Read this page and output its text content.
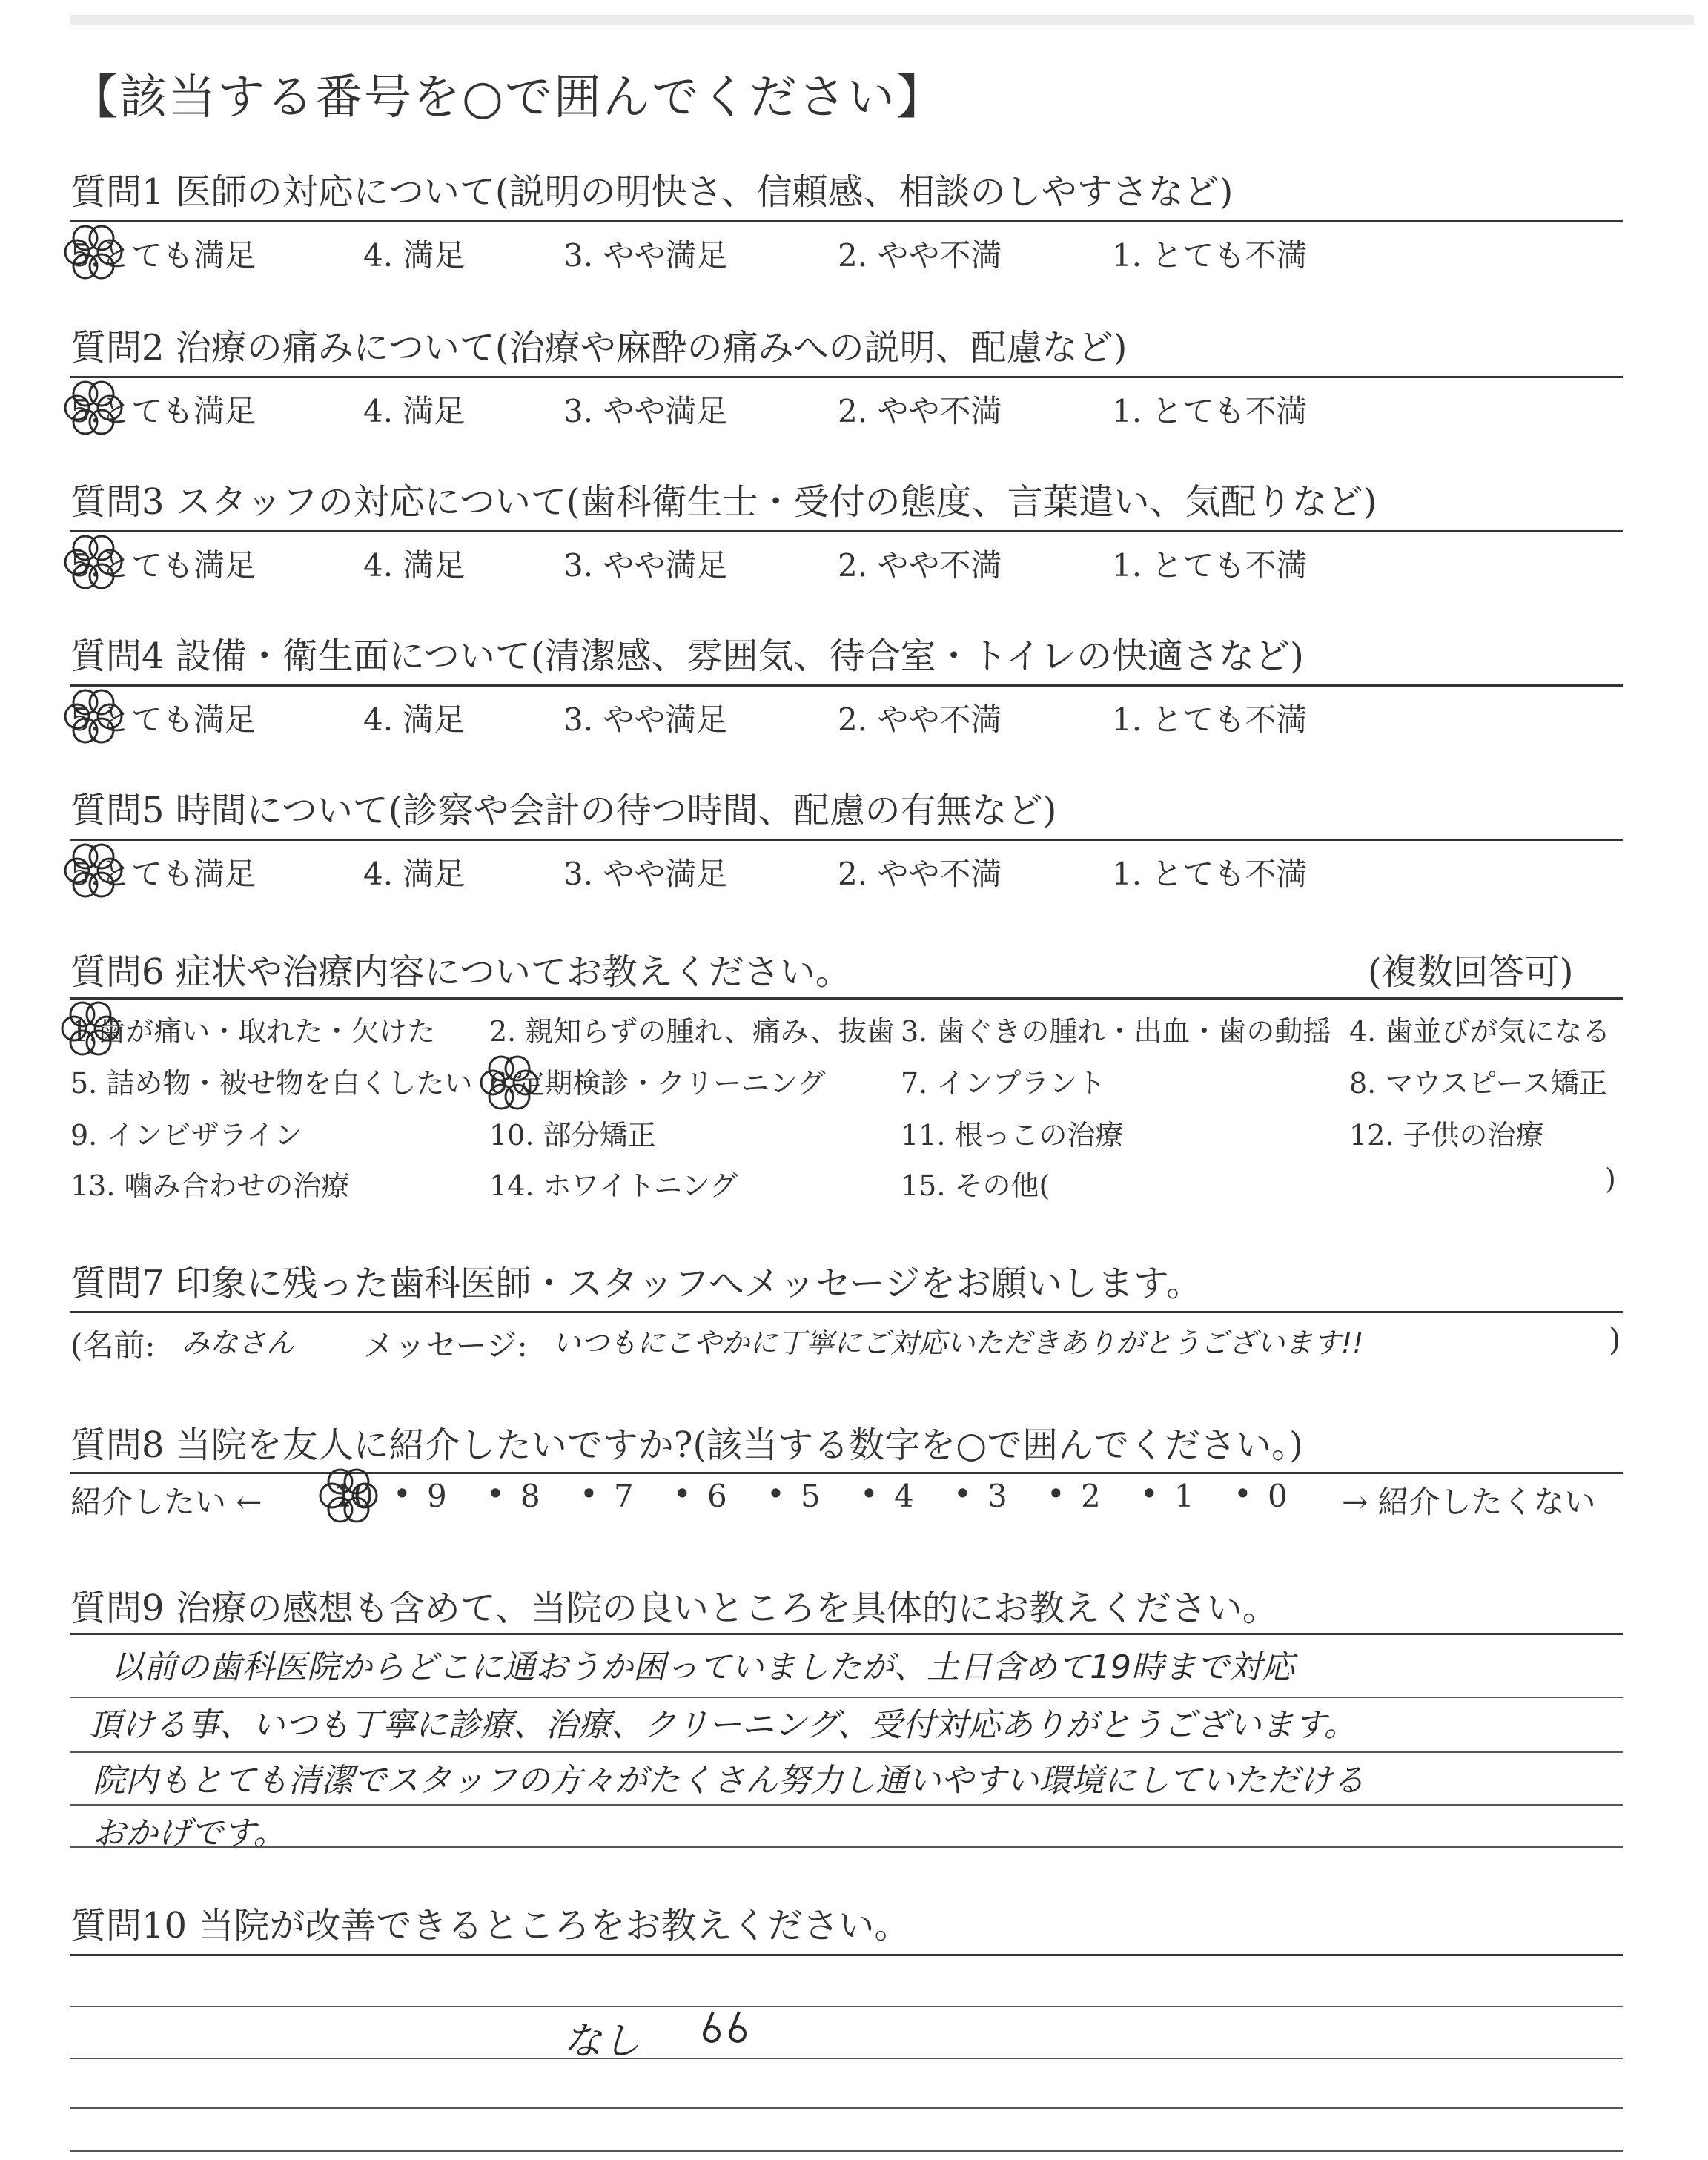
【該当する番号を○で囲んでください】
質問1 医師の対応について(説明の明快さ、信頼感、相談のしやすさなど)
5.とても満足	4. 満足	3. やや満足	2. やや不満	1. とても不満
質問2 治療の痛みについて(治療や麻酔の痛みへの説明、配慮など)
5.とても満足	4. 満足	3. やや満足	2. やや不満	1. とても不満
質問3 スタッフの対応について(歯科衛生士・受付の態度、言葉遣い、気配りなど)
5.とても満足	4. 満足	3. やや満足	2. やや不満	1. とても不満
質問4 設備・衛生面について(清潔感、雰囲気、待合室・トイレの快適さなど)
5.とても満足	4. 満足	3. やや満足	2. やや不満	1. とても不満
質問5 時間について(診察や会計の待つ時間、配慮の有無など)
5.とても満足	4. 満足	3. やや満足	2. やや不満	1. とても不満
質問6 症状や治療内容についてお教えください。	(複数回答可)
1.歯が痛い・取れた・欠けた 2. 親知らずの腫れ、痛み、抜歯 3. 歯ぐきの腫れ・出血・歯の動揺 4. 歯並びが気になる
5. 詰め物・被せ物を白くしたい 6.定期検診・クリーニング	7. インプラント	8. マウスピース矯正
9. インビザライン	10. 部分矯正	11. 根っこの治療	12. 子供の治療
13. 噛み合わせの治療	14. ホワイトニング	15. その他(	)
質問7 印象に残った歯科医師・スタッフへメッセージをお願いします。
(名前: みなさん メッセージ: いつもにこやかに丁寧にご対応いただきありがとうございます!!	)
質問8 当院を友人に紹介したいですか?(該当する数字を○で囲んでください。)
紹介したい ← 10 • 9 • 8 • 7 • 6 • 5 • 4 • 3 • 2 • 1 • 0 → 紹介したくない
質問9 治療の感想も含めて、当院の良いところを具体的にお教えください。
以前の歯科医院からどこに通おうか困っていましたが、土日含めて19時まで対応
頂ける事、いつも丁寧に診療、治療、クリーニング、受付対応ありがとうございます。
院内もとても清潔でスタッフの方々がたくさん努力し通いやすい環境にしていただける
おかげです。
質問10 当院が改善できるところをお教えください。
なし
